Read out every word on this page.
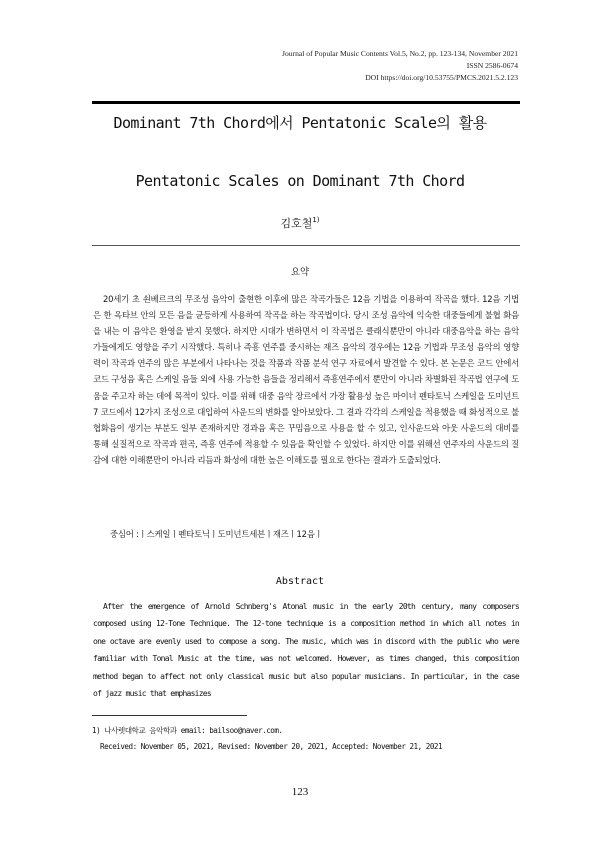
Journal of Popular Music Contents Vol.5, No.2, pp. 123-134, November 2021
ISSN 2586-0674
DOI https://doi.org/10.53755/PMCS.2021.5.2.123
Dominant 7th Chord에서 Pentatonic Scale의 활용
Pentatonic Scales on Dominant 7th Chord
김호철$^{1)}$
요약

20세기 초 쇤베르크의 무조성 음악이 출현한 이후에 많은 작곡가들은 12음 기법을 이용하여 작곡을 했다. 12음 기법은 한 옥타브 안의 모든 음을 균등하게 사용하여 작곡을 하는 작곡법이다. 당시 조성 음악에 익숙한 대중들에게 불협 화음을 내는 이 음악은 환영을 받지 못했다. 하지만 시대가 변하면서 이 작곡법은 클래식뿐만이 아니라 대중음악을 하는 음악가들에게도 영향을 주기 시작했다. 특히나 즉흥 연주를 중시하는 재즈 음악의 경우에는 12음 기법과 무조성 음악의 영향력이 작곡과 연주의 많은 부분에서 나타나는 것을 작품과 작품 분석 연구 자료에서 발견할 수 있다. 본 논문은 코드 안에서 코드 구성음 혹은 스케일 음들 외에 사용 가능한 음들을 정리해서 즉흥연주에서 뿐만이 아니라 차별화된 작곡법 연구에 도움을 주고자 하는 데에 목적이 있다. 이를 위해 대중 음악 장르에서 가장 활용성 높은 마이너 펜타토닉 스케일을 도미넌트 7 코드에서 12가지 조성으로 대입하여 사운드의 변화를 알아보았다. 그 결과 각각의 스케일을 적용했을 때 화성적으로 불협화음이 생기는 부분도 일부 존재하지만 경과음 혹은 꾸밈음으로 사용을 할 수 있고, 인사운드와 아웃 사운드의 대비를 통해 실질적으로 작곡과 편곡, 즉흥 연주에 적용할 수 있음을 확인할 수 있었다. 하지만 이를 위해선 연주자의 사운드의 질감에 대한 이해뿐만이 아니라 리듬과 화성에 대한 높은 이해도를 필요로 한다는 결과가 도출되었다.

중심어 :ㅣ스케일ㅣ펜타토닉ㅣ도미넌트세븐ㅣ재즈ㅣ12음ㅣ
Abstract

After the emergence of Arnold Schnberg's Atonal music in the early 20th century, many composers composed using 12-Tone Technique. The 12-tone technique is a composition method in which all notes in one octave are evenly used to compose a song. The music, which was in discord with the public who were familiar with Tonal Music at the time, was not welcomed. However, as times changed, this composition method began to affect not only classical music but also popular musicians. In particular, in the case of jazz music that emphasizes

1) 나사렛대학교 음악학과 email: bailsoo@naver.com.
Received: November 05, 2021, Revised: November 20, 2021, Accepted: November 21, 2021
123
